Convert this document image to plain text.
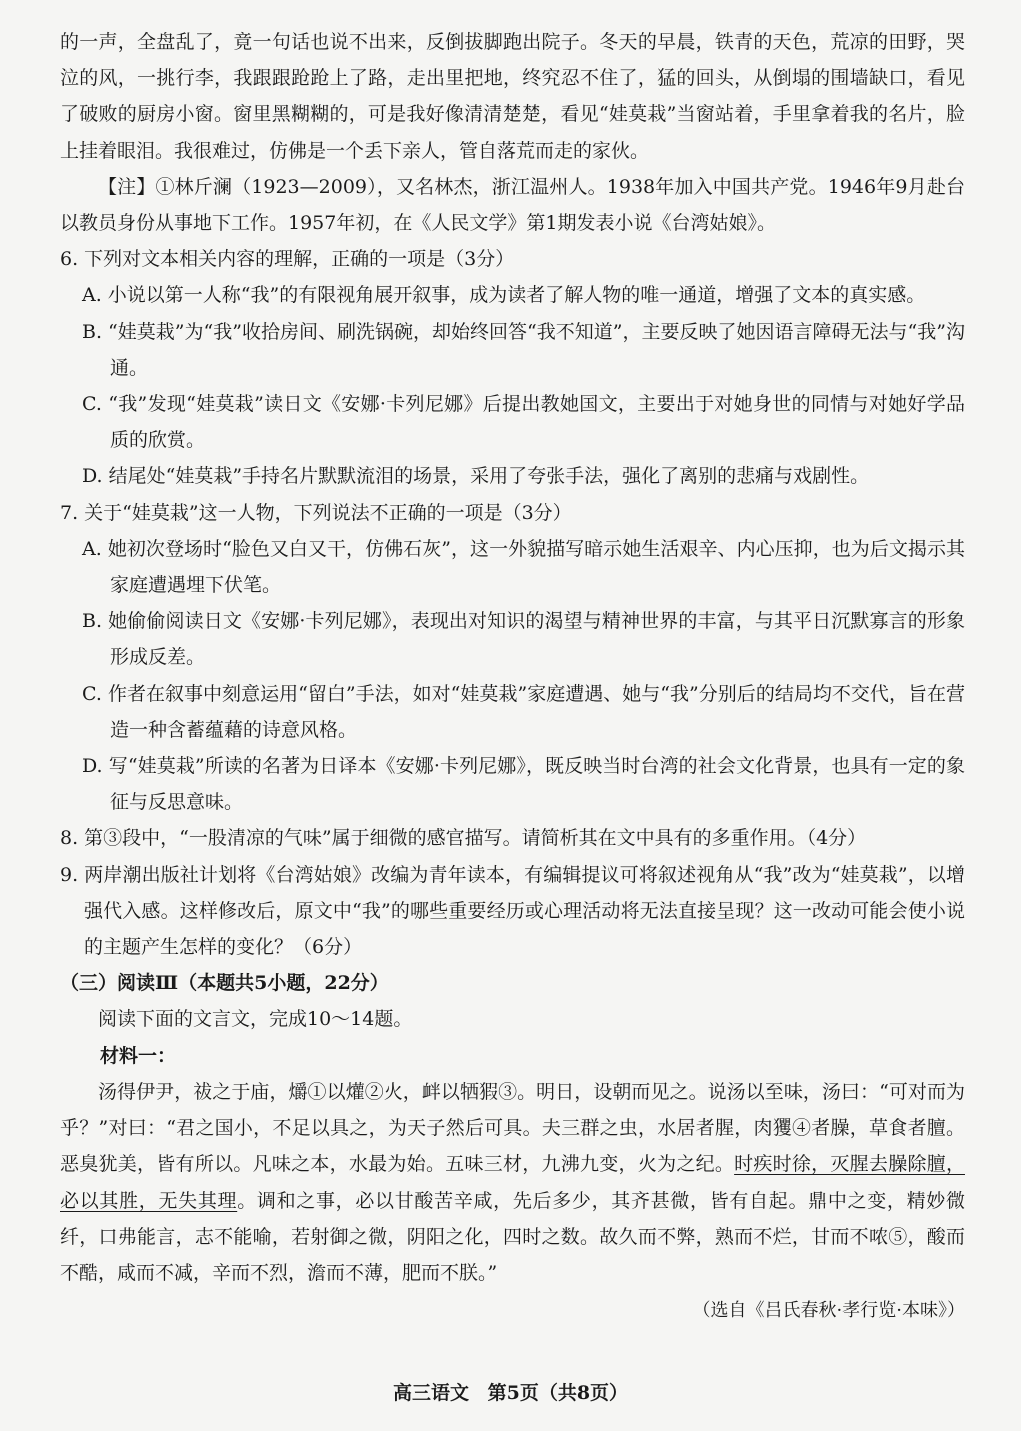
的一声，全盘乱了，竟一句话也说不出来，反倒拔脚跑出院子。冬天的早晨，铁青的天色，荒凉的田野，哭泣的风，一挑行李，我跟跟跄跄上了路，走出里把地，终究忍不住了，猛的回头，从倒塌的围墙缺口，看见了破败的厨房小窗。窗里黑糊糊的，可是我好像清清楚楚，看见“娃莫栽”当窗站着，手里拿着我的名片，脸上挂着眼泪。我很难过，仿佛是一个丢下亲人，管自落荒而走的家伙。

【注】①林斤澜（1923—2009），又名林杰，浙江温州人。1938年加入中国共产党。1946年9月赴台以教员身份从事地下工作。1957年初，在《人民文学》第1期发表小说《台湾姑娘》。

6. 下列对文本相关内容的理解，正确的一项是（3分）

A. 小说以第一人称“我”的有限视角展开叙事，成为读者了解人物的唯一通道，增强了文本的真实感。

B. “娃莫栽”为“我”收拾房间、刷洗锅碗，却始终回答“我不知道”，主要反映了她因语言障碍无法与“我”沟通。

C. “我”发现“娃莫栽”读日文《安娜·卡列尼娜》后提出教她国文，主要出于对她身世的同情与对她好学品质的欣赏。

D. 结尾处“娃莫栽”手持名片默默流泪的场景，采用了夸张手法，强化了离别的悲痛与戏剧性。

7. 关于“娃莫栽”这一人物，下列说法不正确的一项是（3分）

A. 她初次登场时“脸色又白又干，仿佛石灰”，这一外貌描写暗示她生活艰辛、内心压抑，也为后文揭示其家庭遭遇埋下伏笔。

B. 她偷偷阅读日文《安娜·卡列尼娜》，表现出对知识的渴望与精神世界的丰富，与其平日沉默寡言的形象形成反差。

C. 作者在叙事中刻意运用“留白”手法，如对“娃莫栽”家庭遭遇、她与“我”分别后的结局均不交代，旨在营造一种含蓄蕴藉的诗意风格。

D. 写“娃莫栽”所读的名著为日译本《安娜·卡列尼娜》，既反映当时台湾的社会文化背景，也具有一定的象征与反思意味。

8. 第③段中，“一股清凉的气味”属于细微的感官描写。请简析其在文中具有的多重作用。（4分）

9. 两岸潮出版社计划将《台湾姑娘》改编为青年读本，有编辑提议可将叙述视角从“我”改为“娃莫栽”，以增强代入感。这样修改后，原文中“我”的哪些重要经历或心理活动将无法直接呈现？这一改动可能会使小说的主题产生怎样的变化？（6分）

（三）阅读Ⅲ（本题共5小题，22分）

阅读下面的文言文，完成10～14题。

材料一：

汤得伊尹，祓之于庙，爝①以爟②火，衅以牺猳③。明日，设朝而见之。说汤以至味，汤曰：“可对而为乎？”对曰：“君之国小，不足以具之，为天子然后可具。夫三群之虫，水居者腥，肉玃④者臊，草食者膻。恶臭犹美，皆有所以。凡味之本，水最为始。五味三材，九沸九变，火为之纪。时疾时徐，灭腥去臊除膻，必以其胜，无失其理。调和之事，必以甘酸苦辛咸，先后多少，其齐甚微，皆有自起。鼎中之变，精妙微纤，口弗能言，志不能喻，若射御之微，阴阳之化，四时之数。故久而不弊，熟而不烂，甘而不哝⑤，酸而不酷，咸而不减，辛而不烈，澹而不薄，肥而不朕。”

（选自《吕氏春秋·孝行览·本味》）

高三语文 第5页（共8页）
